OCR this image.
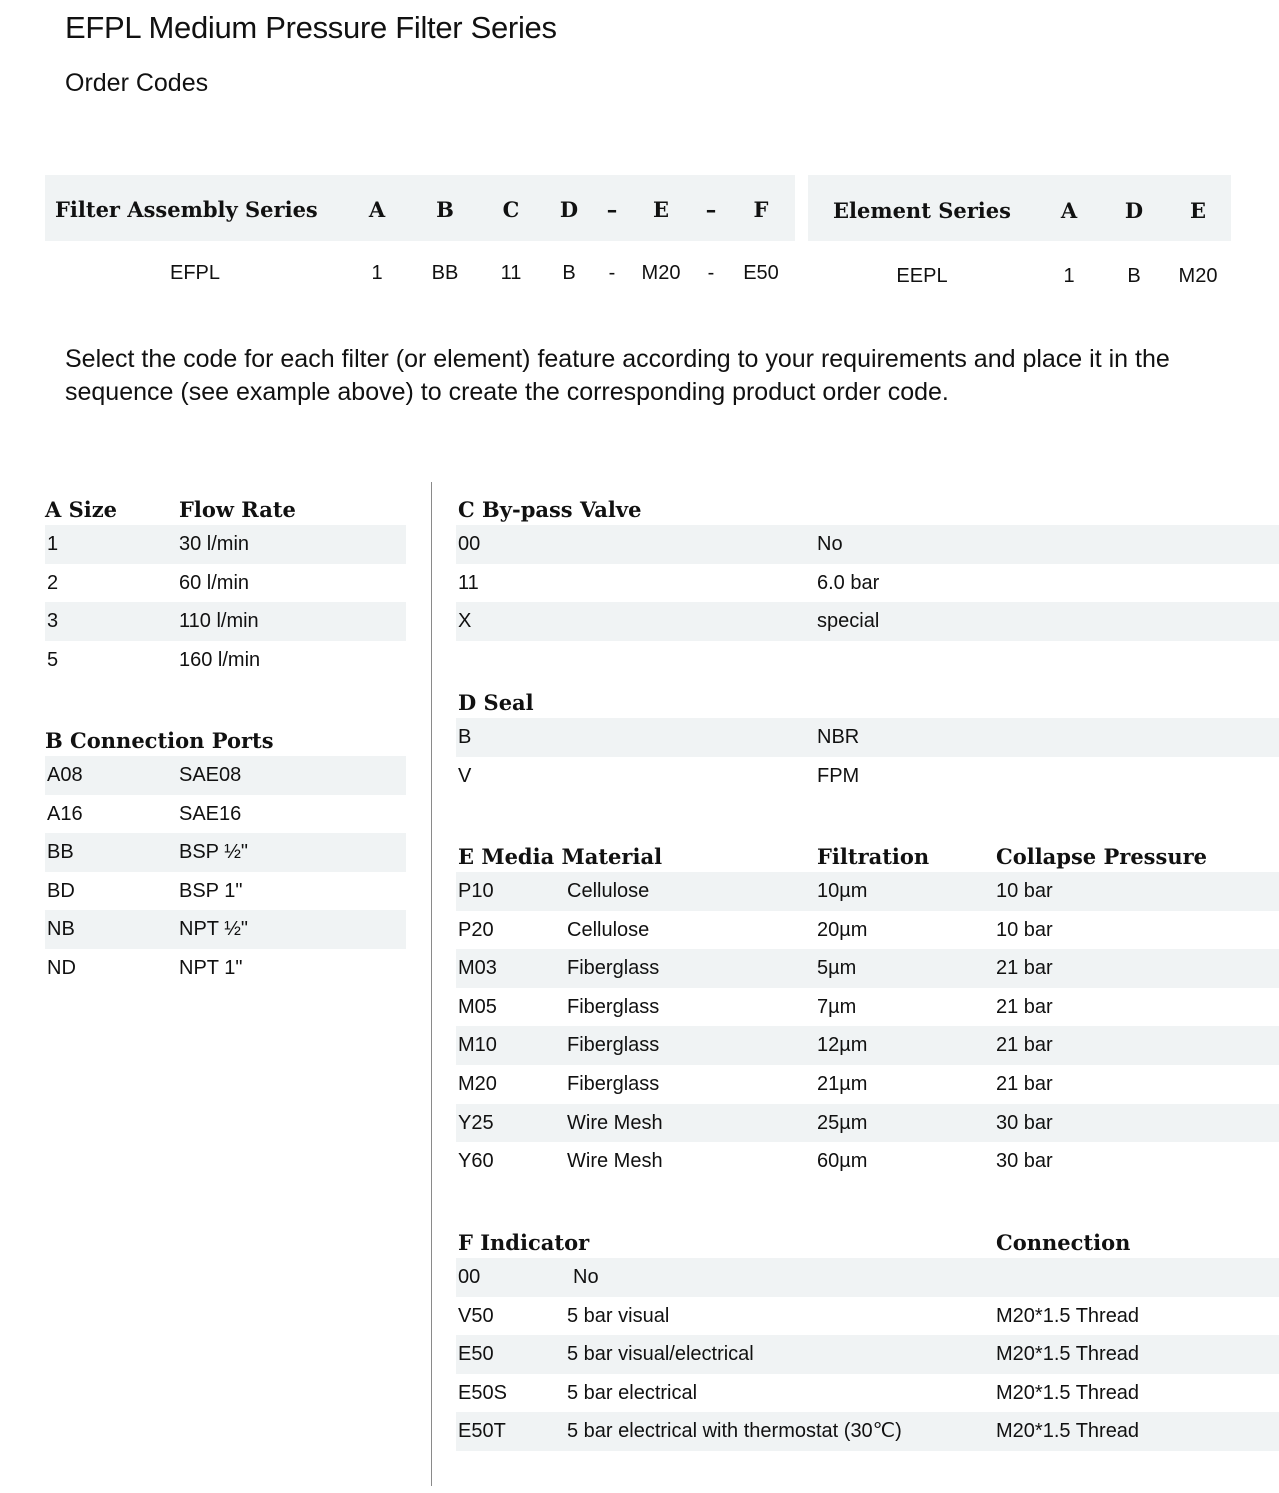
EFPL Medium Pressure Filter Series
Order Codes
Filter Assembly Series	A	B	C	D	–	E	–	F
EFPL	1	BB	11	B	-	M20	-	E50
Element Series	A	D	E
EEPL	1	B	M20
Select the code for each filter (or element) feature according to your requirements and place it in the sequence (see example above) to create the corresponding product order code.
A Size	Flow Rate
1	30 l/min
2	60 l/min
3	110 l/min
5	160 l/min
B Connection Ports
A08	SAE08
A16	SAE16
BB	BSP ½"
BD	BSP 1"
NB	NPT ½"
ND	NPT 1"
C By-pass Valve
00	No
11	6.0 bar
X	special
D Seal
B	NBR
V	FPM
E Media Material	Filtration	Collapse Pressure
P10	Cellulose	10µm	10 bar
P20	Cellulose	20µm	10 bar
M03	Fiberglass	5µm	21 bar
M05	Fiberglass	7µm	21 bar
M10	Fiberglass	12µm	21 bar
M20	Fiberglass	21µm	21 bar
Y25	Wire Mesh	25µm	30 bar
Y60	Wire Mesh	60µm	30 bar
F Indicator	Connection
00	No
V50	5 bar visual	M20*1.5 Thread
E50	5 bar visual/electrical	M20*1.5 Thread
E50S	5 bar electrical	M20*1.5 Thread
E50T	5 bar electrical with thermostat (30℃)	M20*1.5 Thread
